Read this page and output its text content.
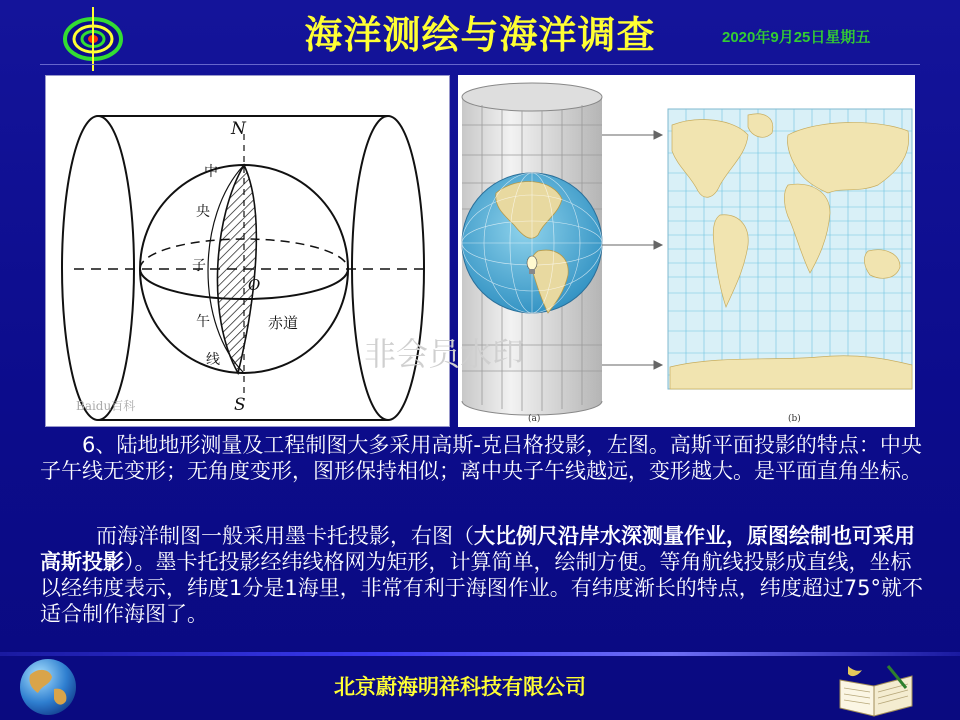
海洋测绘与海洋调查	2020年9月25日星期五
N
S
O
中
央
子
午
线
赤道
Baidu百科
(a)	(b)
非会员水印

6、陆地地形测量及工程制图大多采用高斯-克吕格投影，左图。高斯平面投影的特点：中央子午线无变形；无角度变形，图形保持相似；离中央子午线越远，变形越大。是平面直角坐标。

而海洋制图一般采用墨卡托投影，右图（大比例尺沿岸水深测量作业，原图绘制也可采用高斯投影）。墨卡托投影经纬线格网为矩形，计算简单，绘制方便。等角航线投影成直线，坐标以经纬度表示，纬度1分是1海里，非常有利于海图作业。有纬度渐长的特点，纬度超过75°就不适合制作海图了。

北京蔚海明祥科技有限公司
